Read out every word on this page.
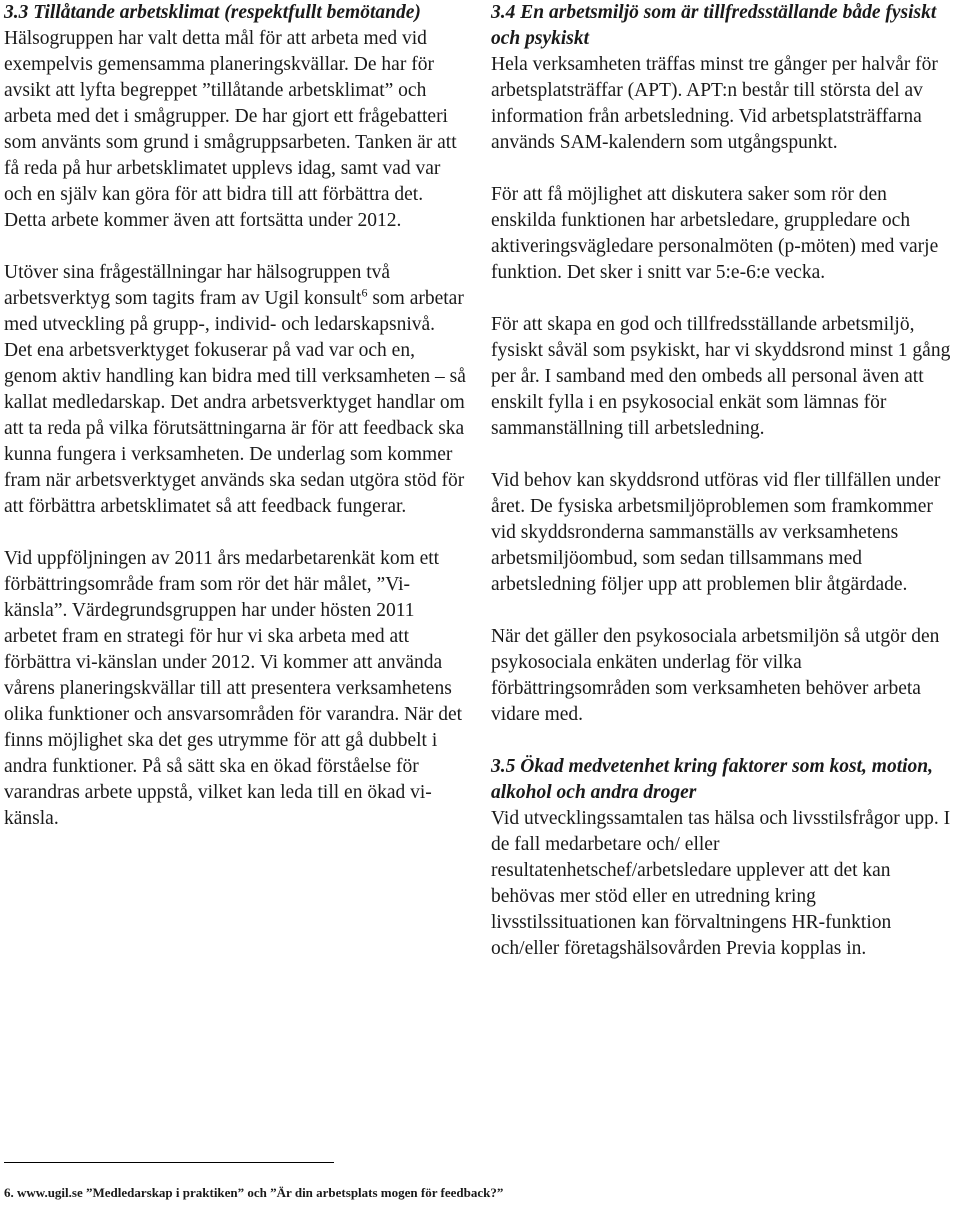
3.3 Tillåtande arbetsklimat (respektfullt bemötande)

Hälsogruppen har valt detta mål för att arbeta med vid exempelvis gemensamma planeringskvällar. De har för avsikt att lyfta begreppet ”tillåtande arbetsklimat” och arbeta med det i smågrupper. De har gjort ett frågebatteri som använts som grund i smågruppsarbeten. Tanken är att få reda på hur arbetsklimatet upplevs idag, samt vad var och en själv kan göra för att bidra till att förbättra det. Detta arbete kommer även att fortsätta under 2012.

Utöver sina frågeställningar har hälsogruppen två arbetsverktyg som tagits fram av Ugil konsult$^6$ som arbetar med utveckling på grupp-, individ- och ledarskapsnivå. Det ena arbetsverktyget fokuserar på vad var och en, genom aktiv handling kan bidra med till verksamheten – så kallat medledarskap. Det andra arbetsverktyget handlar om att ta reda på vilka förutsättningarna är för att feedback ska kunna fungera i verksamheten. De underlag som kommer fram när arbetsverktyget används ska sedan utgöra stöd för att förbättra arbetsklimatet så att feedback fungerar.

Vid uppföljningen av 2011 års medarbetarenkät kom ett förbättringsområde fram som rör det här målet, ”Vi-känsla”. Värdegrundsgruppen har under hösten 2011 arbetet fram en strategi för hur vi ska arbeta med att förbättra vi-känslan under 2012. Vi kommer att använda vårens planeringskvällar till att presentera verksamhetens olika funktioner och ansvarsområden för varandra. När det finns möjlighet ska det ges utrymme för att gå dubbelt i andra funktioner. På så sätt ska en ökad förståelse för varandras arbete uppstå, vilket kan leda till en ökad vi-känsla.

3.4 En arbetsmiljö som är tillfredsställande både fysiskt och psykiskt

Hela verksamheten träffas minst tre gånger per halvår för arbetsplatsträffar (APT). APT:n består till största del av information från arbetsledning. Vid arbetsplatsträffarna används SAM-kalendern som utgångspunkt.

För att få möjlighet att diskutera saker som rör den enskilda funktionen har arbetsledare, gruppledare och aktiveringsvägledare personalmöten (p-möten) med varje funktion. Det sker i snitt var 5:e-6:e vecka.

För att skapa en god och tillfredsställande arbetsmiljö, fysiskt såväl som psykiskt, har vi skyddsrond minst 1 gång per år. I samband med den ombeds all personal även att enskilt fylla i en psykosocial enkät som lämnas för sammanställning till arbetsledning.

Vid behov kan skyddsrond utföras vid fler tillfällen under året. De fysiska arbetsmiljöproblemen som framkommer vid skyddsronderna sammanställs av verksamhetens arbetsmiljöombud, som sedan tillsammans med arbetsledning följer upp att problemen blir åtgärdade.

När det gäller den psykosociala arbetsmiljön så utgör den psykosociala enkäten underlag för vilka förbättringsområden som verksamheten behöver arbeta vidare med.

3.5 Ökad medvetenhet kring faktorer som kost, motion, alkohol och andra droger

Vid utvecklingssamtalen tas hälsa och livsstilsfrågor upp. I de fall medarbetare och/ eller resultatenhetschef/arbetsledare upplever att det kan behövas mer stöd eller en utredning kring livsstilssituationen kan förvaltningens HR-funktion och/eller företagshälsovården Previa kopplas in.

6. www.ugil.se ”Medledarskap i praktiken” och ”Är din arbetsplats mogen för feedback?”
